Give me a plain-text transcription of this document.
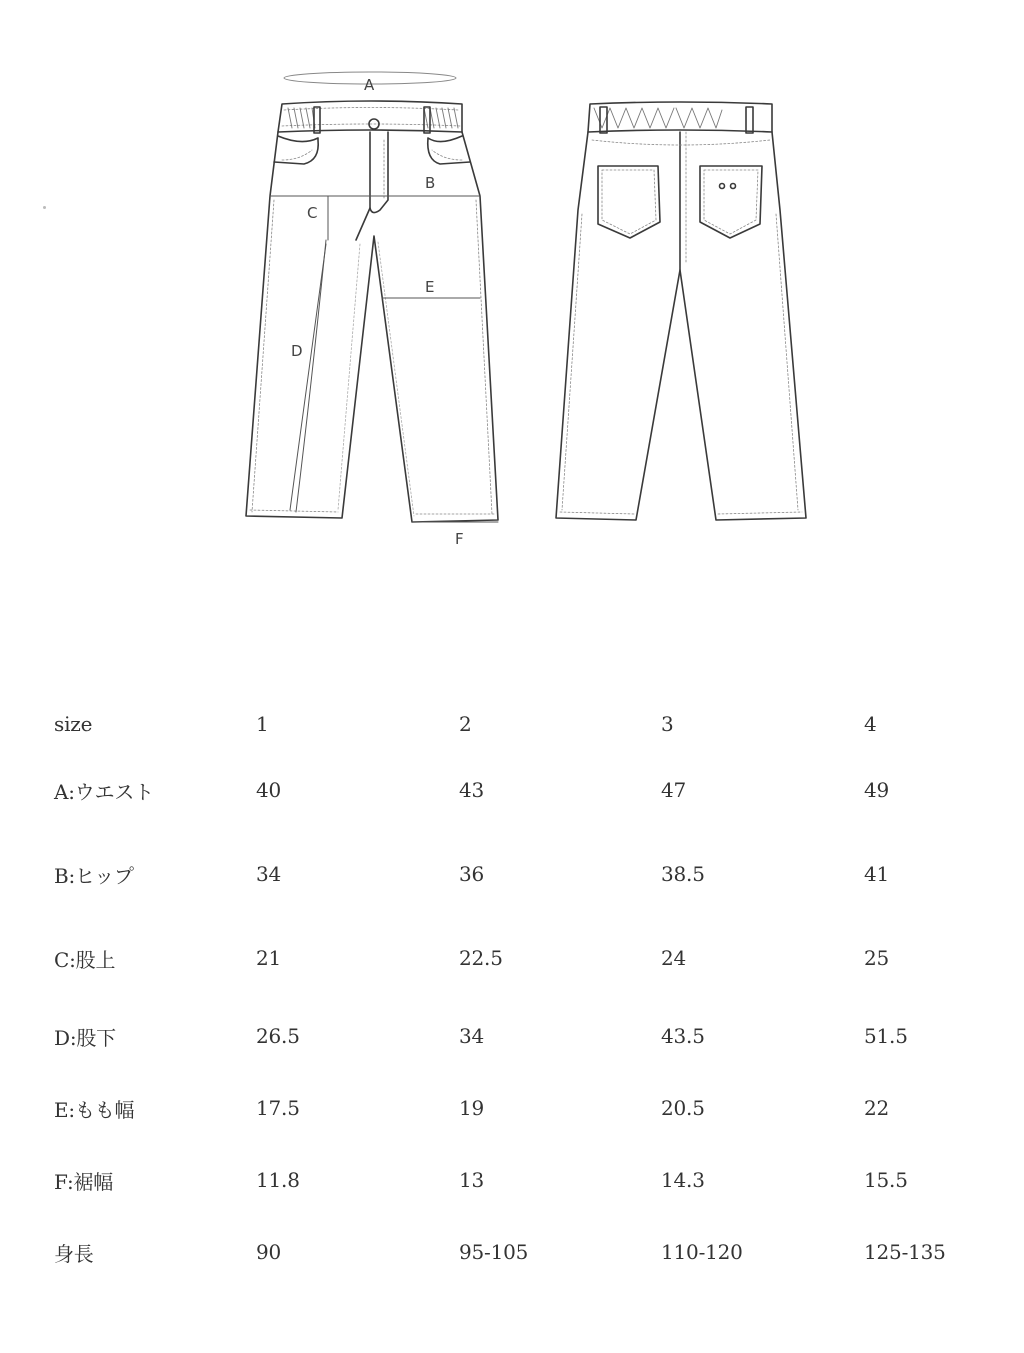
A
B
C
D
E
F
size	1	2	3	4
A:ウエスト	40	43	47	49
B:ヒップ	34	36	38.5	41
C:股上	21	22.5	24	25
D:股下	26.5	34	43.5	51.5
E:もも幅	17.5	19	20.5	22
F:裾幅	11.8	13	14.3	15.5
身長	90	95-105	110-120	125-135
